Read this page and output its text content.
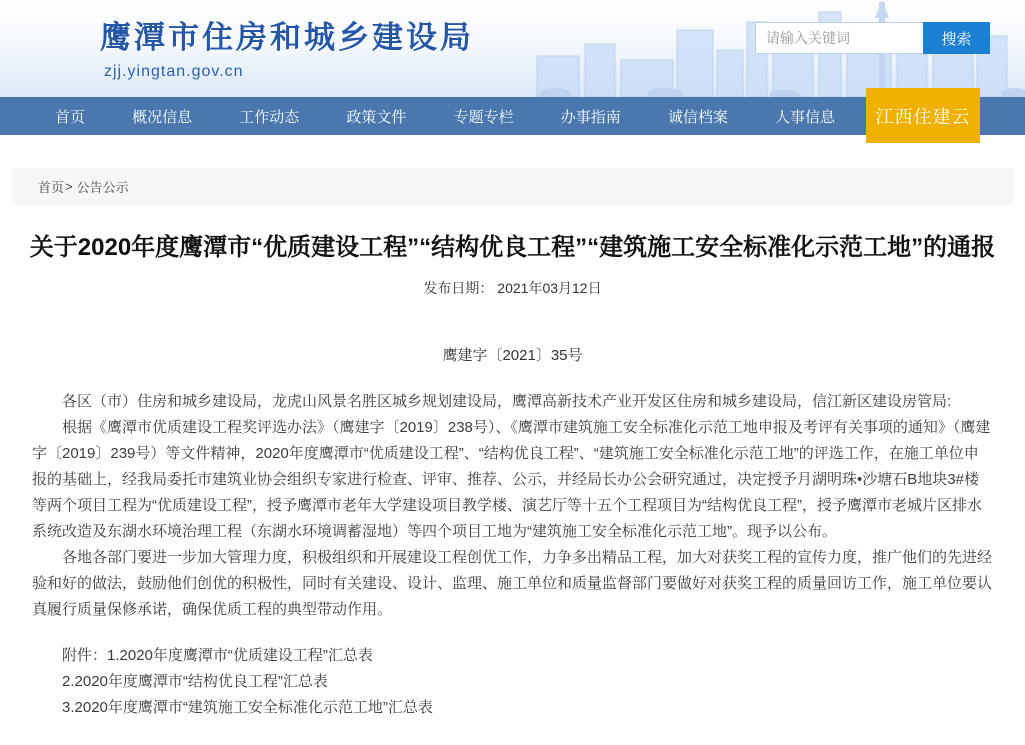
鹰潭市住房和城乡建设局
zjj.yingtan.gov.cn
请输入关键词
搜索
首页	概况信息	工作动态	政策文件	专题专栏	办事指南	诚信档案	人事信息	江西住建云
首页 > 公告公示
关于2020年度鹰潭市“优质建设工程”“结构优良工程”“建筑施工安全标准化示范工地”的通报
发布日期： 2021年03月12日
鹰建字〔2021〕35号

各区（市）住房和城乡建设局，龙虎山风景名胜区城乡规划建设局，鹰潭高新技术产业开发区住房和城乡建设局，信江新区建设房管局:

根据《鹰潭市优质建设工程奖评选办法》（鹰建字〔2019〕238号）、《鹰潭市建筑施工安全标准化示范工地申报及考评有关事项的通知》（鹰建字〔2019〕239号）等文件精神，2020年度鹰潭市“优质建设工程”、“结构优良工程”、“建筑施工安全标准化示范工地”的评选工作，在施工单位申报的基础上，经我局委托市建筑业协会组织专家进行检查、评审、推荐、公示，并经局长办公会研究通过，决定授予月湖明珠•沙塘石B地块3#楼等两个项目工程为“优质建设工程”，授予鹰潭市老年大学建设项目教学楼、演艺厅等十五个工程项目为“结构优良工程”，授予鹰潭市老城片区排水系统改造及东湖水环境治理工程（东湖水环境调蓄湿地）等四个项目工地为“建筑施工安全标准化示范工地”。现予以公布。

各地各部门要进一步加大管理力度，积极组织和开展建设工程创优工作，力争多出精品工程，加大对获奖工程的宣传力度，推广他们的先进经验和好的做法，鼓励他们创优的积极性，同时有关建设、设计、监理、施工单位和质量监督部门要做好对获奖工程的质量回访工作，施工单位要认真履行质量保修承诺，确保优质工程的典型带动作用。

附件：1.2020年度鹰潭市“优质建设工程”汇总表
2.2020年度鹰潭市“结构优良工程”汇总表
3.2020年度鹰潭市“建筑施工安全标准化示范工地”汇总表
